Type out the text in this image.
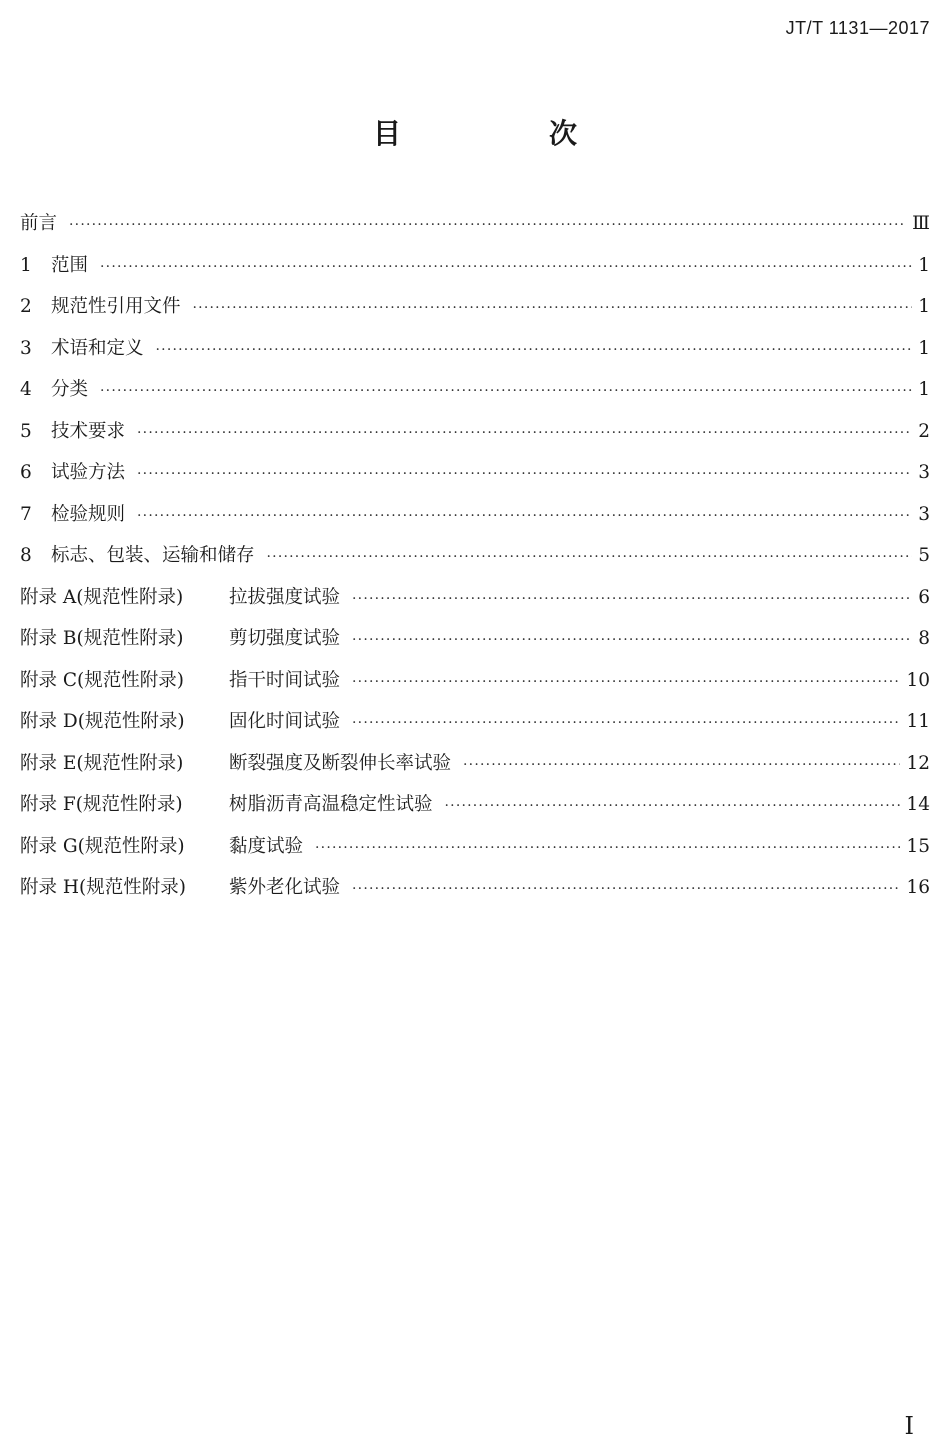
JT/T 1131—2017
目　次
前言 ·····	Ⅲ
1 范围 ·····	1
2 规范性引用文件 ·····	1
3 术语和定义 ·····	1
4 分类 ·····	1
5 技术要求 ·····	2
6 试验方法 ·····	3
7 检验规则 ·····	3
8 标志、包装、运输和储存 ·····	5
附录 A(规范性附录) 拉拔强度试验 ·····	6
附录 B(规范性附录) 剪切强度试验 ·····	8
附录 C(规范性附录) 指干时间试验 ·····	10
附录 D(规范性附录) 固化时间试验 ·····	11
附录 E(规范性附录) 断裂强度及断裂伸长率试验 ·····	12
附录 F(规范性附录)	树脂沥青高温稳定性试验 ·····	14
附录 G(规范性附录) 黏度试验 ·····	15
附录 H(规范性附录) 紫外老化试验 ·····	16
Ⅰ
